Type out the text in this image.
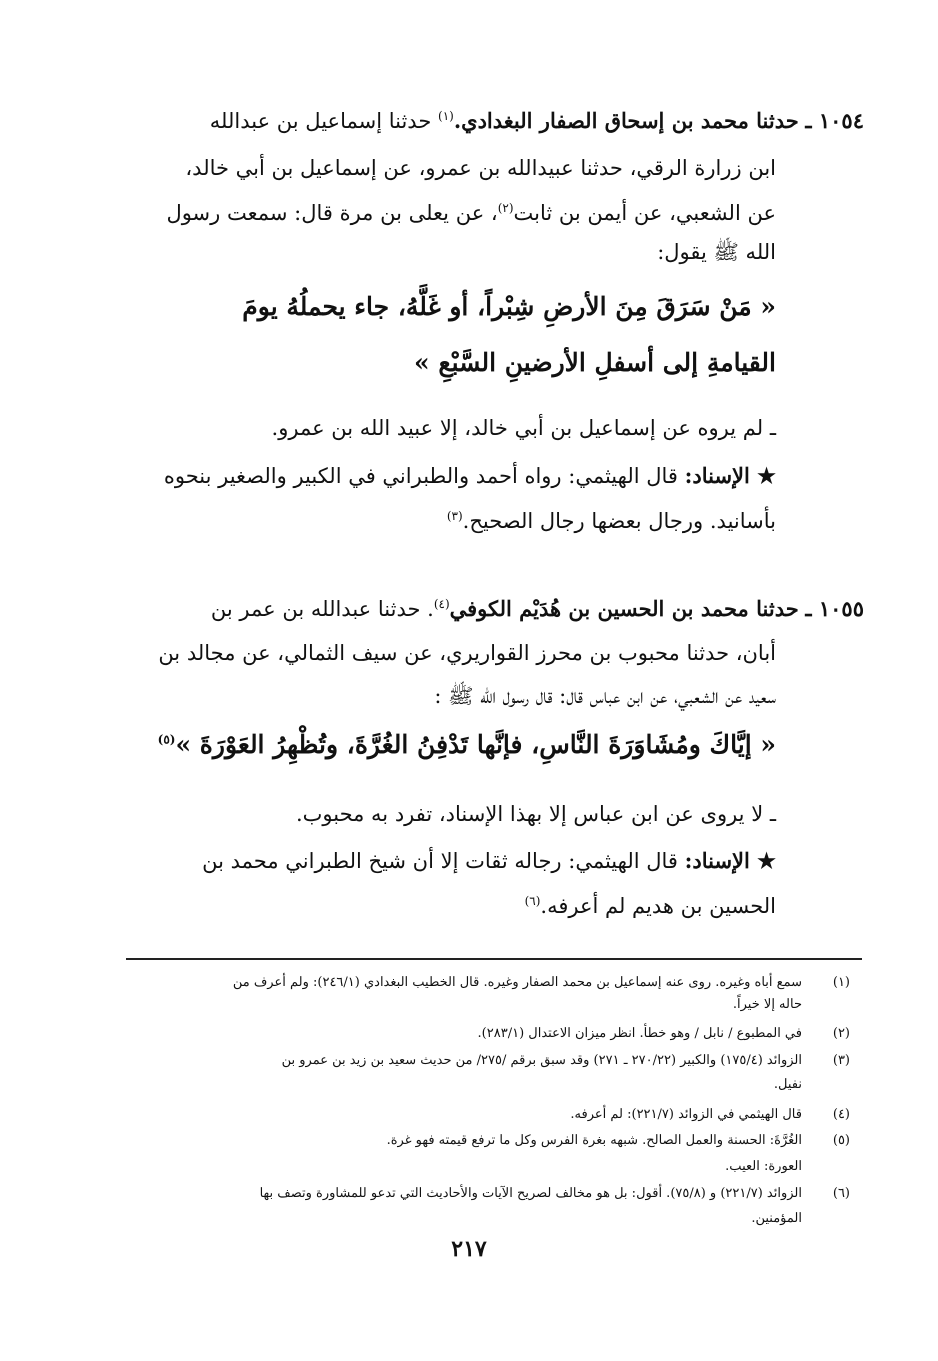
١٠٥٤ ـ حدثنا محمد بن إسحاق الصفار البغدادي.$^{(١)}$ حدثنا إسماعيل بن عبدالله
ابن زرارة الرقي، حدثنا عبيدالله بن عمرو، عن إسماعيل بن أبي خالد،
عن الشعبي، عن أيمن بن ثابت$^{(٢)}$، عن يعلى بن مرة قال: سمعت رسول
الله ﷺ يقول:
« مَنْ سَرَقَ مِنَ الأرضِ شِبْراً، أو غَلَّهُ، جاء يحملُهُ يومَ
القيامةِ إلى أسفلِ الأرضينِ السَّبْعِ »
ـ لم يروه عن إسماعيل بن أبي خالد، إلا عبيد الله بن عمرو.
★ الإسناد: قال الهيثمي: رواه أحمد والطبراني في الكبير والصغير بنحوه
بأسانيد. ورجال بعضها رجال الصحيح.$^{(٣)}$
١٠٥٥ ـ حدثنا محمد بن الحسين بن هُدَيْم الكوفي$^{(٤)}$. حدثنا عبدالله بن عمر بن
أبان، حدثنا محبوب بن محرز القواريري، عن سيف الثمالي، عن مجالد بن
سعيد عن الشعبي، عن ابن عباس قال: قال رسول الله ﷺ :
« إيَّاكَ ومُشَاوَرَةَ النَّاسِ، فإنَّها تَدْفِنُ الغُرَّةَ، وتُظْهِرُ العَوْرَةَ »$^{(٥)}$
ـ لا يروى عن ابن عباس إلا بهذا الإسناد، تفرد به محبوب.
★ الإسناد: قال الهيثمي: رجاله ثقات إلا أن شيخ الطبراني محمد بن
الحسين بن هديم لم أعرفه.$^{(٦)}$
(١)
سمع أباه وغيره. روى عنه إسماعيل بن محمد الصفار وغيره. قال الخطيب البغدادي (٢٤٦/١): ولم أعرف من
حاله إلا خيراً.
(٢)
في المطبوع / نابل / وهو خطأ. انظر ميزان الاعتدال (٢٨٣/١).
(٣)
الزوائد (١٧٥/٤) والكبير (٢٧٠/٢٢ ـ ٢٧١) وقد سبق برقم /٢٧٥/ من حديث سعيد بن زيد بن عمرو بن
نفيل.
(٤)
قال الهيثمي في الزوائد (٢٢١/٧): لم أعرفه.
(٥)
الغُرَّةَ: الحسنة والعمل الصالح. شبهه بغرة الفرس وكل ما ترفع قيمته فهو غرة.
العورة: العيب.
(٦)
الزوائد (٢٢١/٧) و (٧٥/٨). أقول: بل هو مخالف لصريح الآيات والأحاديث التي تدعو للمشاورة وتصف بها
المؤمنين.
٢١٧
